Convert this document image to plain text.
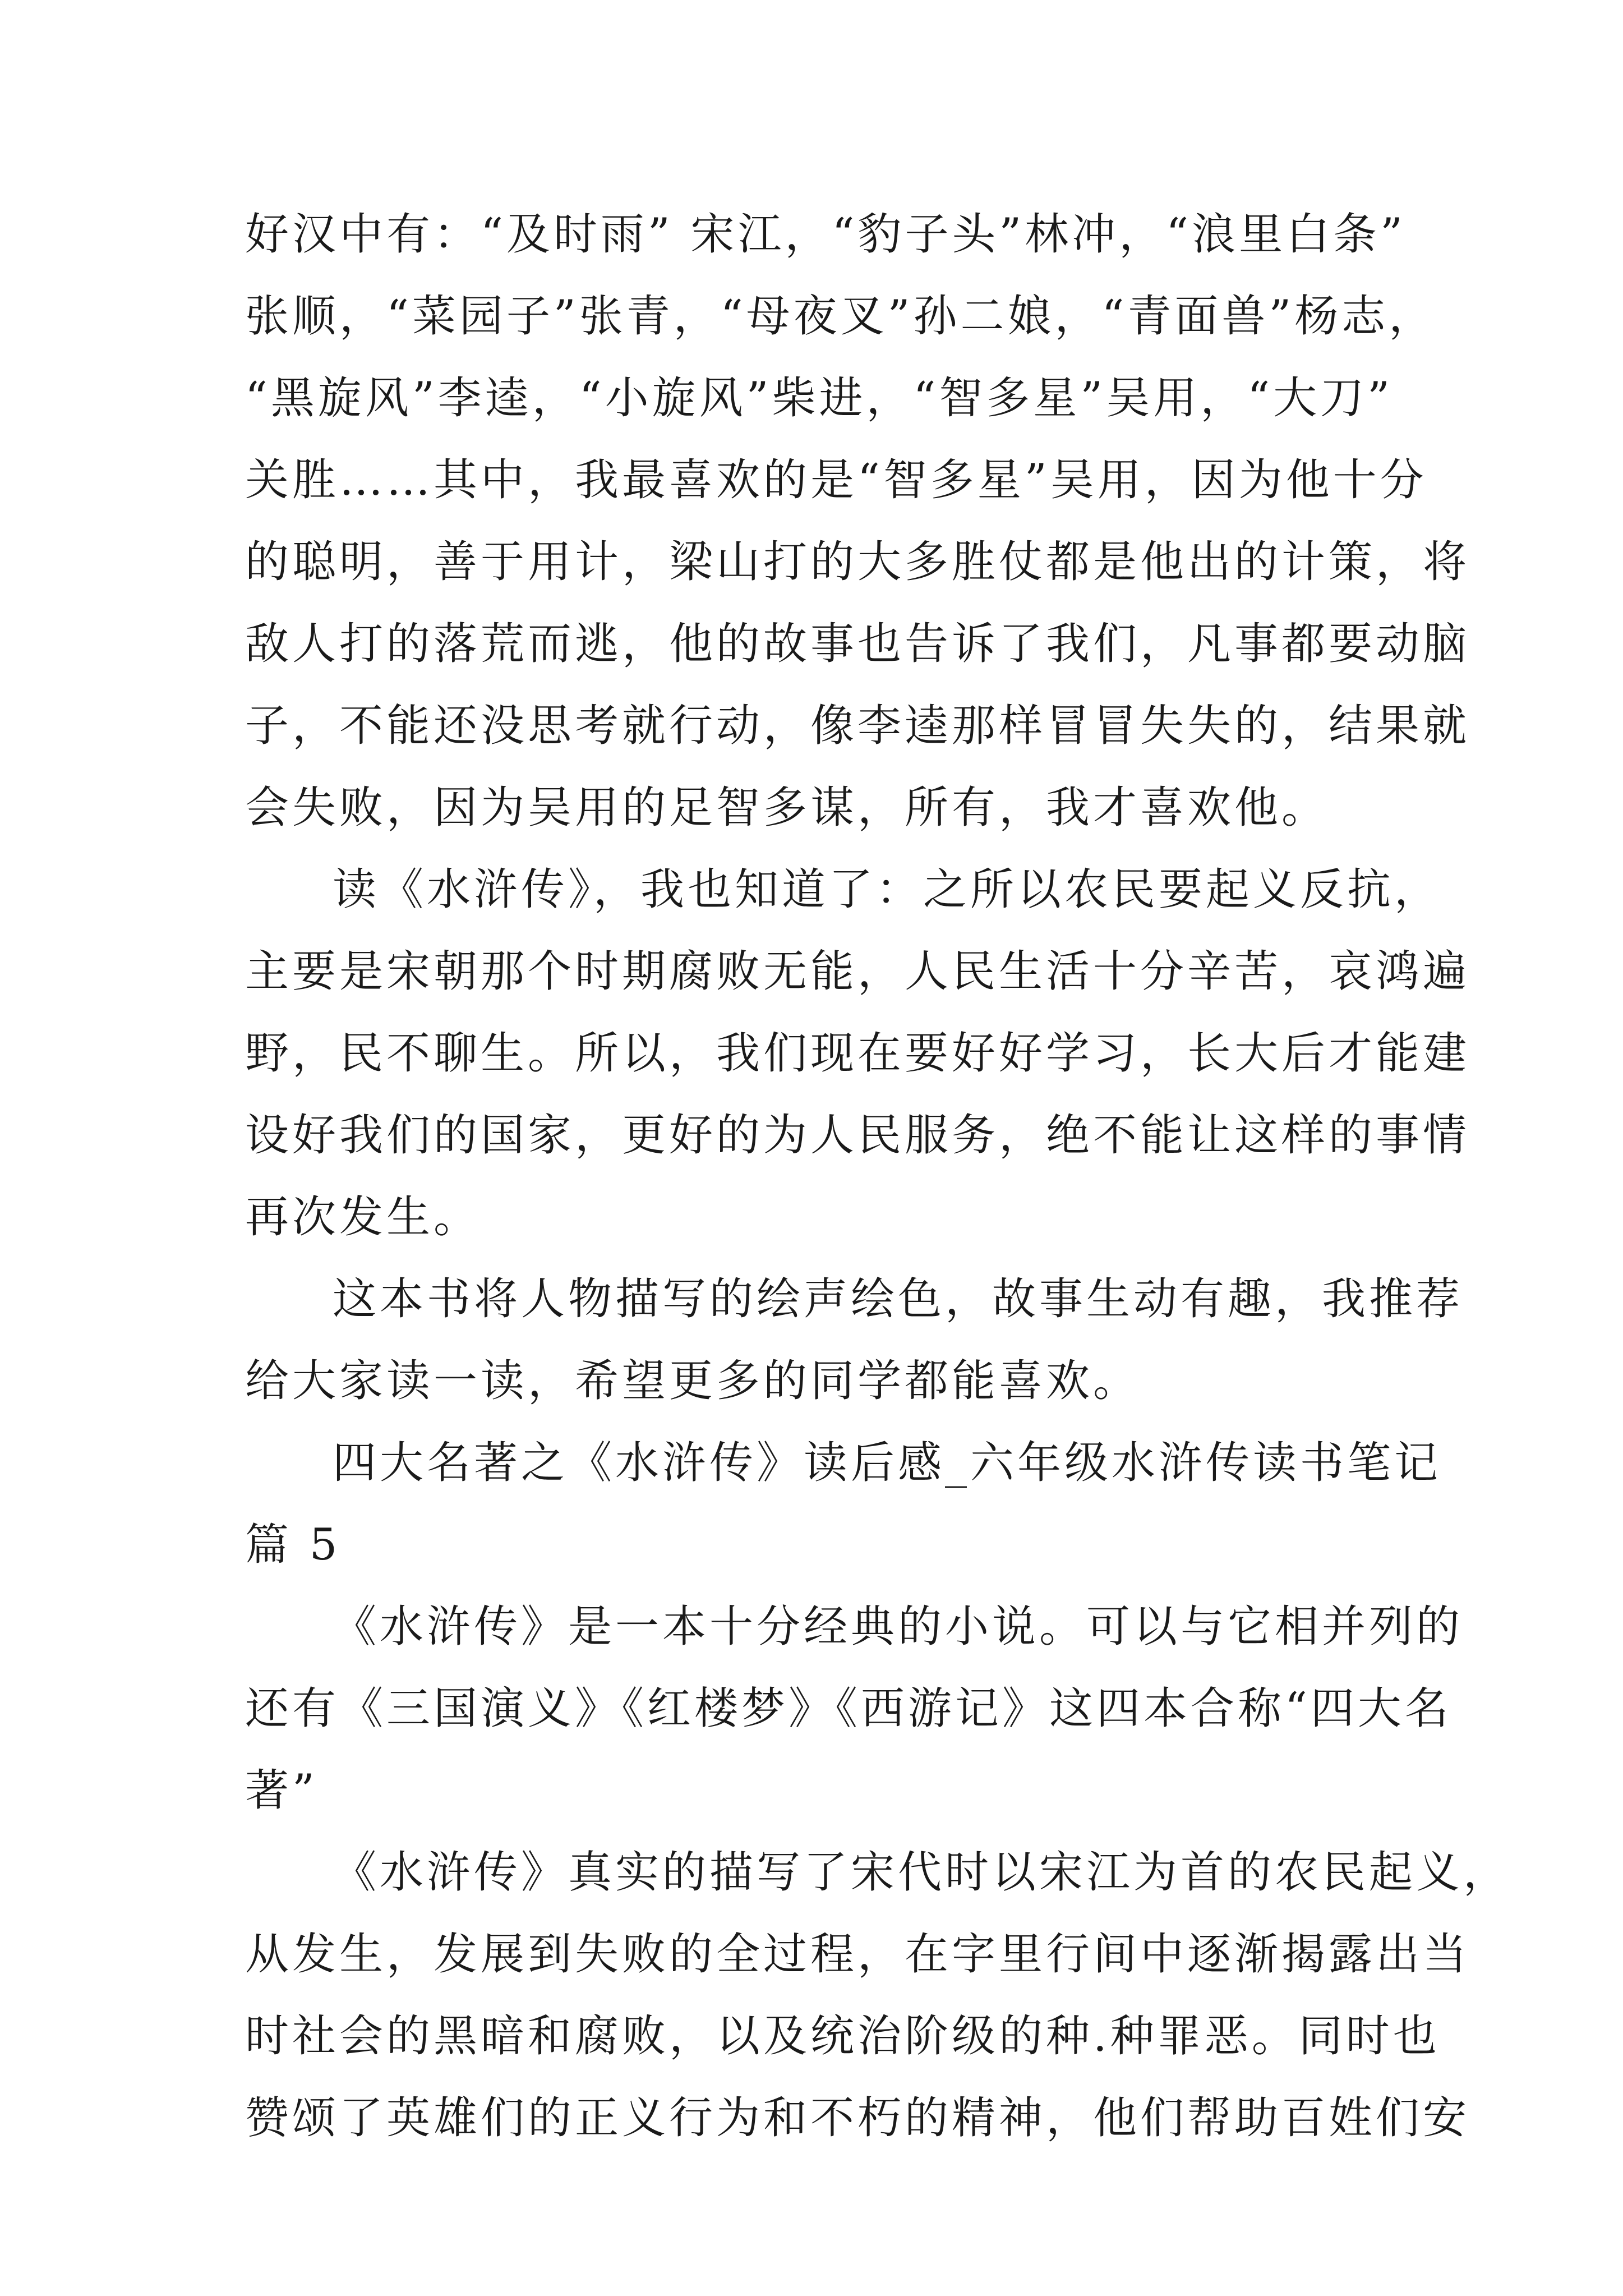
好汉中有：“及时雨” 宋江，“豹子头”林冲，“浪里白条”
张顺，“菜园子”张青，“母夜叉”孙二娘，“青面兽”杨志，
“黑旋风”李逵，“小旋风”柴进，“智多星”吴用，“大刀”
关胜……其中，我最喜欢的是“智多星”吴用，因为他十分
的聪明，善于用计，梁山打的大多胜仗都是他出的计策，将
敌人打的落荒而逃，他的故事也告诉了我们，凡事都要动脑
子，不能还没思考就行动，像李逵那样冒冒失失的，结果就
会失败，因为吴用的足智多谋，所有，我才喜欢他。
读《水浒传》，我也知道了：之所以农民要起义反抗，
主要是宋朝那个时期腐败无能，人民生活十分辛苦，哀鸿遍
野，民不聊生。所以，我们现在要好好学习，长大后才能建
设好我们的国家，更好的为人民服务，绝不能让这样的事情
再次发生。
这本书将人物描写的绘声绘色，故事生动有趣，我推荐
给大家读一读，希望更多的同学都能喜欢。
四大名著之《水浒传》读后感_六年级水浒传读书笔记
篇 5
《水浒传》是一本十分经典的小说。可以与它相并列的
还有《三国演义》《红楼梦》《西游记》这四本合称“四大名
著”
《水浒传》真实的描写了宋代时以宋江为首的农民起义，
从发生，发展到失败的全过程，在字里行间中逐渐揭露出当
时社会的黑暗和腐败，以及统治阶级的种.种罪恶。同时也
赞颂了英雄们的正义行为和不朽的精神，他们帮助百姓们安
